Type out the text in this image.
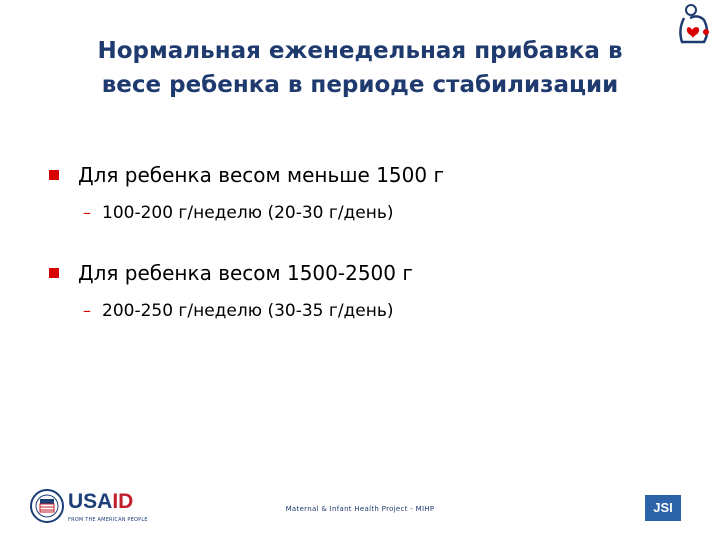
Нормальная еженедельная прибавка в
весе ребенка в периоде стабилизации
Для ребенка весом меньше 1500 г
– 100-200 г/неделю (20-30 г/день)
Для ребенка весом 1500-2500 г
– 200-250 г/неделю (30-35 г/день)
USAID
FROM THE AMERICAN PEOPLE
Maternal & Infant Health Project - MIHP	JSI
